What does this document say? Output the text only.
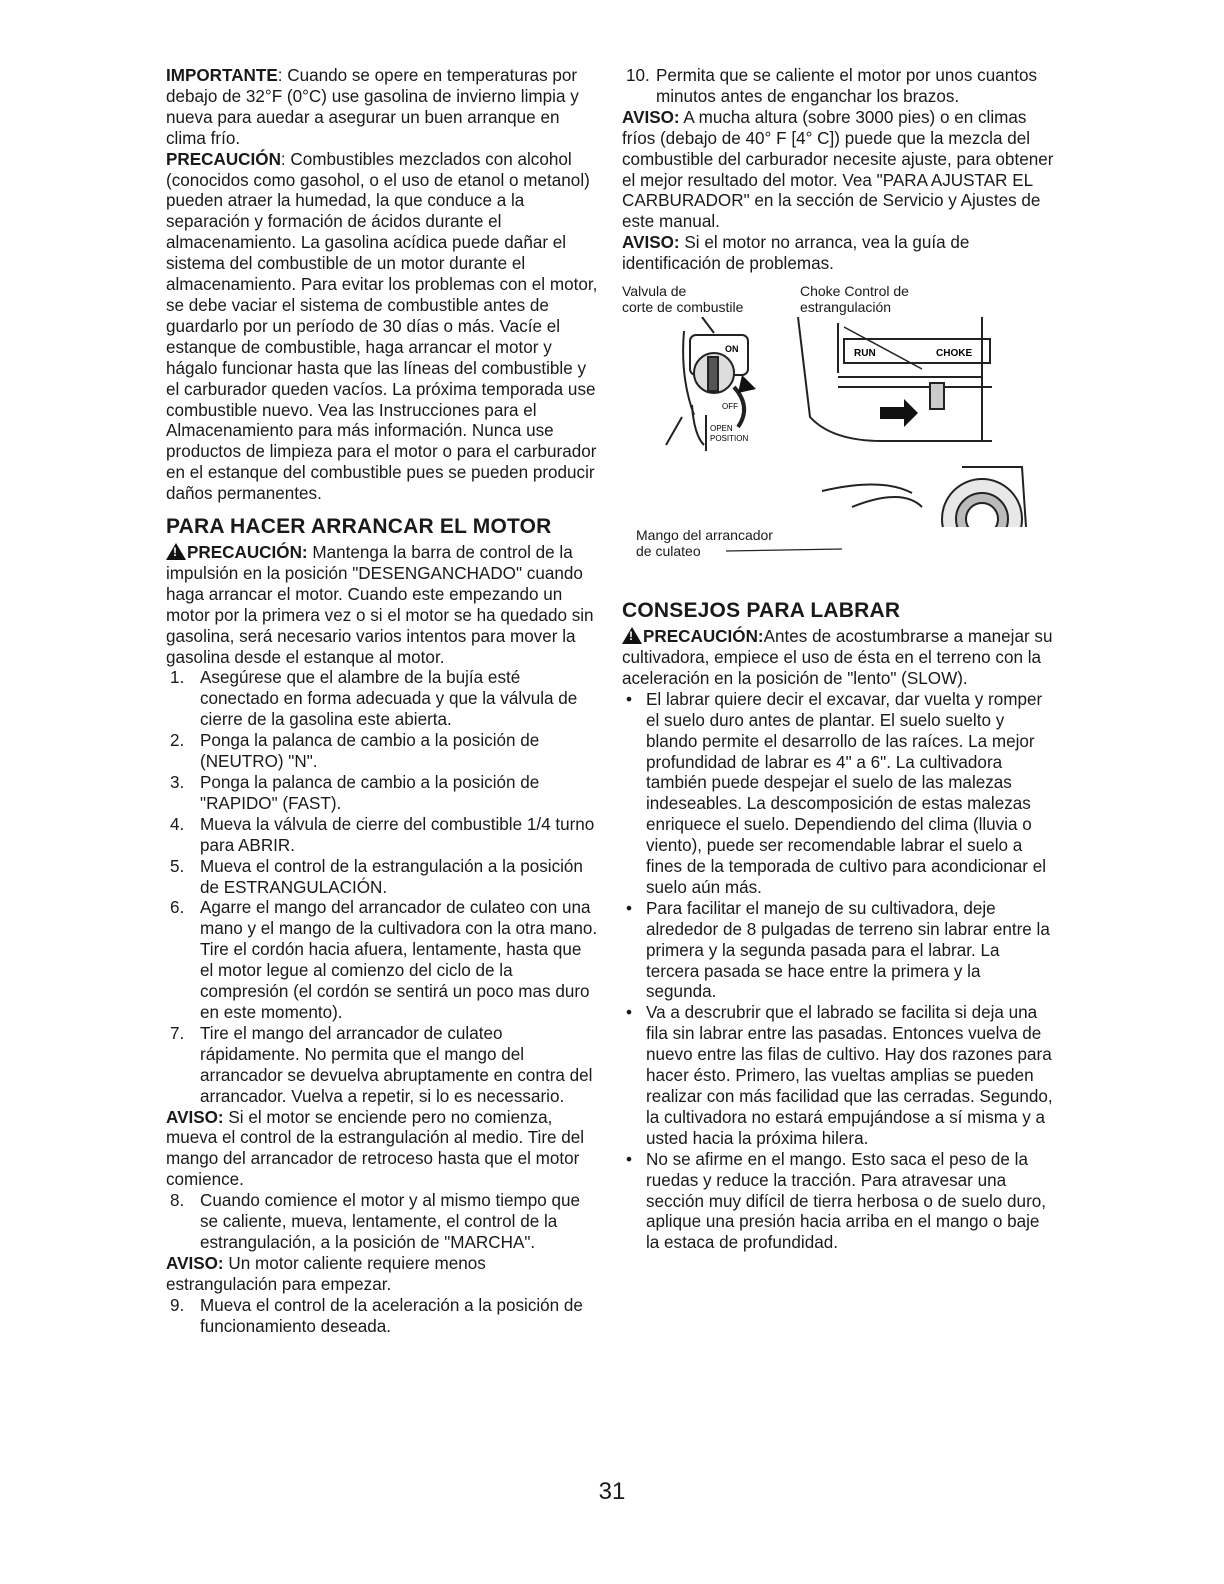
IMPORTANTE: Cuando se opere en temperaturas por debajo de 32°F (0°C) use gasolina de invierno limpia y nueva para auedar a asegurar un buen arranque en clima frío.

PRECAUCIÓN: Combustibles mezclados con alcohol (conocidos como gasohol, o el uso de etanol o metanol) pueden atraer la humedad, la que conduce a la separación y formación de ácidos durante el almacenamiento. La gasolina acídica puede dañar el sistema del combustible de un motor durante el almacenamiento. Para evitar los problemas con el motor, se debe vaciar el sistema de combustible antes de guardarlo por un período de 30 días o más. Vacíe el estanque de combustible, haga arrancar el motor y hágalo funcionar hasta que las líneas del combustible y el carburador queden vacíos. La próxima temporada use combustible nuevo. Vea las Instrucciones para el Almacenamiento para más información. Nunca use productos de limpieza para el motor o para el carburador en el estanque del combustible pues se pueden producir daños permanentes.

PARA HACER ARRANCAR EL MOTOR

!PRECAUCIÓN: Mantenga la barra de control de la impulsión en la posición "DESENGANCHADO" cuando haga arrancar el motor. Cuando este empezando un motor por la primera vez o si el motor se ha quedado sin gasolina, será necesario varios intentos para mover la gasolina desde el estanque al motor.

1. Asegúrese que el alambre de la bujía esté conectado en forma adecuada y que la válvula de cierre de la gasolina este abierta.
2. Ponga la palanca de cambio a la posición de (NEUTRO) "N".
3. Ponga la palanca de cambio a la posición de "RAPIDO" (FAST).
4. Mueva la válvula de cierre del combustible 1/4 turno para ABRIR.
5. Mueva el control de la estrangulación a la posición de ESTRANGULACIÓN.
6. Agarre el mango del arrancador de culateo con una mano y el mango de la cultivadora con la otra mano. Tire el cordón hacia afuera, lentamente, hasta que el motor legue al comienzo del ciclo de la compresión (el cordón se sentirá un poco mas duro en este momento).
7. Tire el mango del arrancador de culateo rápidamente. No permita que el mango del arrancador se devuelva abruptamente en contra del arrancador. Vuelva a repetir, si lo es necessario.

AVISO: Si el motor se enciende pero no comienza, mueva el control de la estrangulación al medio. Tire del mango del arrancador de retroceso hasta que el motor comience.

8. Cuando comience el motor y al mismo tiempo que se caliente, mueva, lentamente, el control de la estrangulación, a la posición de "MARCHA".

AVISO: Un motor caliente requiere menos estrangulación para empezar.

9. Mueva el control de la aceleración a la posición de funcionamiento deseada.
10. Permita que se caliente el motor por unos cuantos minutos antes de enganchar los brazos.

AVISO: A mucha altura (sobre 3000 pies) o en climas fríos (debajo de 40° F [4° C]) puede que la mezcla del combustible del carburador necesite ajuste, para obtener el mejor resultado del motor. Vea "PARA AJUSTAR EL CARBURADOR" en la sección de Servicio y Ajustes de este manual.

AVISO: Si el motor no arranca, vea la guía de identificación de problemas.

Valvula de
corte de combustile
Choke Control de
estrangulación
ON
OFF
OPEN
POSITION
RUN	CHOKE
Mango del arrancador
de culateo
CONSEJOS PARA LABRAR

!PRECAUCIÓN:Antes de acostumbrarse a manejar su cultivadora, empiece el uso de ésta en el terreno con la aceleración en la posición de "lento" (SLOW).

• El labrar quiere decir el excavar, dar vuelta y romper el suelo duro antes de plantar. El suelo suelto y blando permite el desarrollo de las raíces. La mejor profundidad de labrar es 4" a 6". La cultivadora también puede despejar el suelo de las malezas indeseables. La descomposición de estas malezas enriquece el suelo. Dependiendo del clima (lluvia o viento), puede ser recomendable labrar el suelo a fines de la temporada de cultivo para acondicionar el suelo aún más.
• Para facilitar el manejo de su cultivadora, deje alrededor de 8 pulgadas de terreno sin labrar entre la primera y la segunda pasada para el labrar. La tercera pasada se hace entre la primera y la segunda.
• Va a descrubrir que el labrado se facilita si deja una fila sin labrar entre las pasadas. Entonces vuelva de nuevo entre las filas de cultivo. Hay dos razones para hacer ésto. Primero, las vueltas amplias se pueden realizar con más facilidad que las cerradas. Segundo, la cultivadora no estará empujándose a sí misma y a usted hacia la próxima hilera.
• No se afirme en el mango. Esto saca el peso de la ruedas y reduce la tracción. Para atravesar una sección muy difícil de tierra herbosa o de suelo duro, aplique una presión hacia arriba en el mango o baje la estaca de profundidad.
31
